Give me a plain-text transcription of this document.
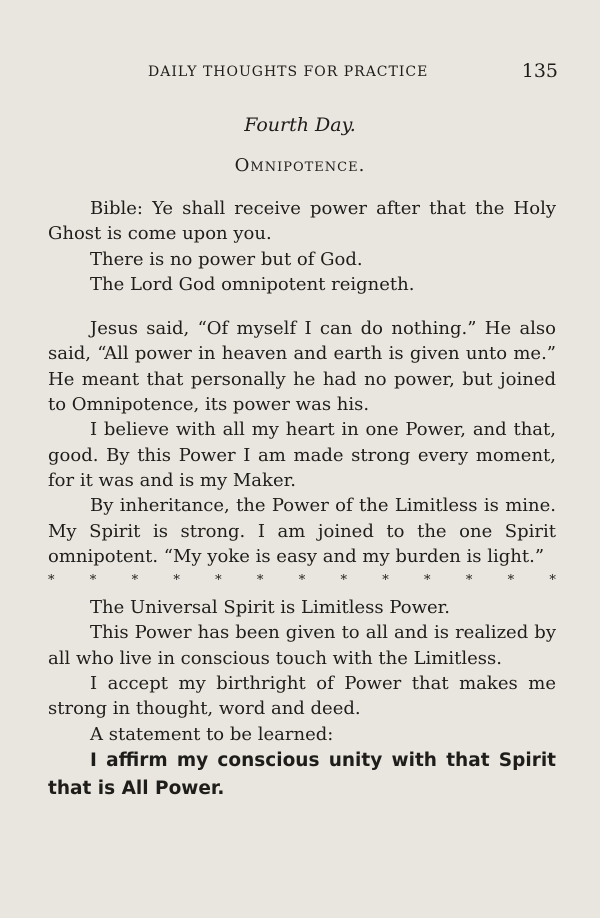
DAILY THOUGHTS FOR PRACTICE	135
Fourth Day.
Omnipotence.

Bible: Ye shall receive power after that the Holy Ghost is come upon you.

There is no power but of God.

The Lord God omnipotent reigneth.

Jesus said, “Of myself I can do nothing.” He also said, “All power in heaven and earth is given unto me.” He meant that personally he had no power, but joined to Omnipotence, its power was his.

I believe with all my heart in one Power, and that, good. By this Power I am made strong every moment, for it was and is my Maker.

By inheritance, the Power of the Limitless is mine. My Spirit is strong. I am joined to the one Spirit omnipotent. “My yoke is easy and my burden is light.”

*	*	*	*	*	*	*	*	*	*	*	*	*

The Universal Spirit is Limitless Power.

This Power has been given to all and is realized by all who live in conscious touch with the Limitless.

I accept my birthright of Power that makes me strong in thought, word and deed.

A statement to be learned:

I affirm my conscious unity with that Spirit that is All Power.
